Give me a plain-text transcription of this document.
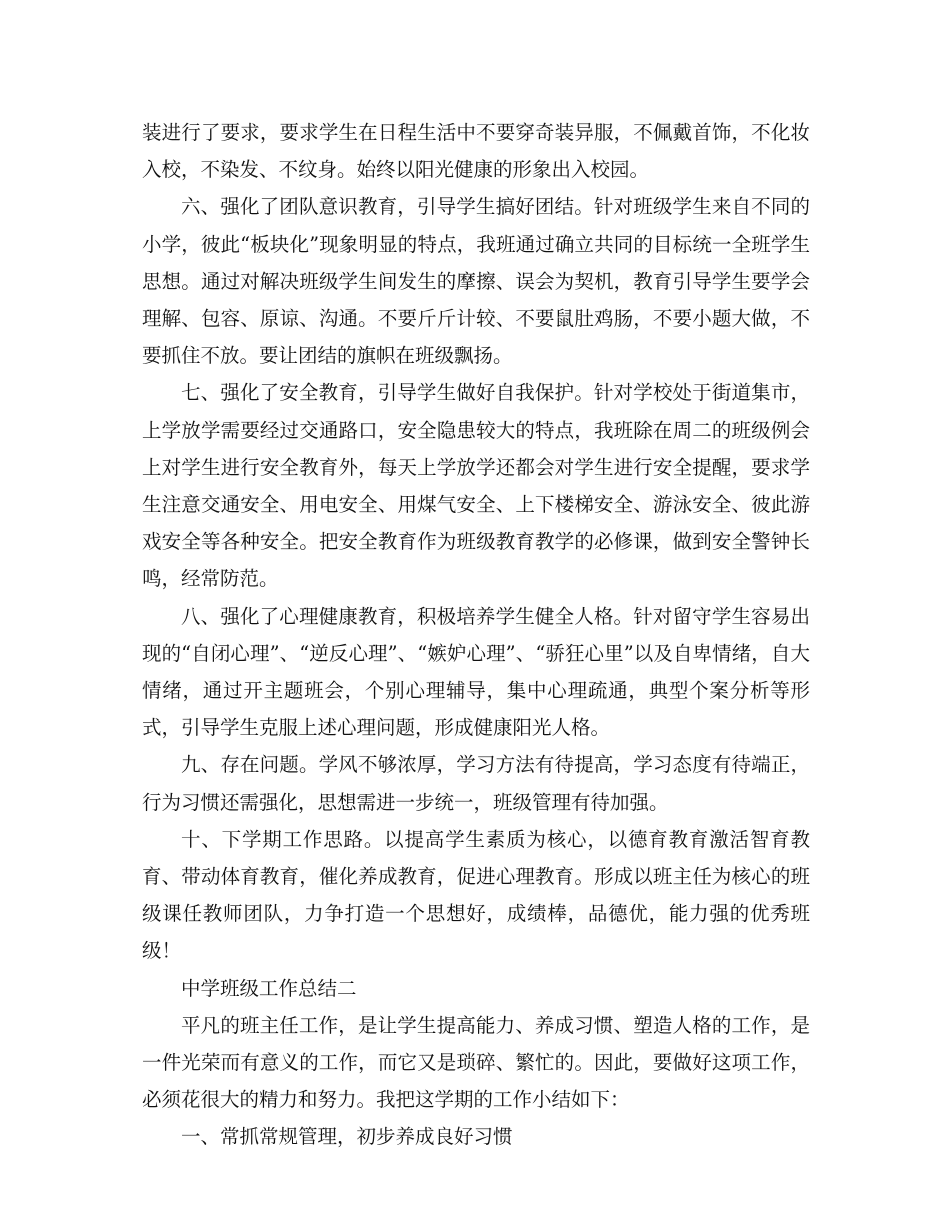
装进行了要求，要求学生在日程生活中不要穿奇装异服，不佩戴首饰，不化妆入校，不染发、不纹身。始终以阳光健康的形象出入校园。

六、强化了团队意识教育，引导学生搞好团结。针对班级学生来自不同的小学，彼此“板块化”现象明显的特点，我班通过确立共同的目标统一全班学生思想。通过对解决班级学生间发生的摩擦、误会为契机，教育引导学生要学会理解、包容、原谅、沟通。不要斤斤计较、不要鼠肚鸡肠，不要小题大做，不要抓住不放。要让团结的旗帜在班级飘扬。

七、强化了安全教育，引导学生做好自我保护。针对学校处于街道集市，上学放学需要经过交通路口，安全隐患较大的特点，我班除在周二的班级例会上对学生进行安全教育外，每天上学放学还都会对学生进行安全提醒，要求学生注意交通安全、用电安全、用煤气安全、上下楼梯安全、游泳安全、彼此游戏安全等各种安全。把安全教育作为班级教育教学的必修课，做到安全警钟长鸣，经常防范。

八、强化了心理健康教育，积极培养学生健全人格。针对留守学生容易出现的“自闭心理”、“逆反心理”、“嫉妒心理”、“骄狂心里”以及自卑情绪，自大情绪，通过开主题班会，个别心理辅导，集中心理疏通，典型个案分析等形式，引导学生克服上述心理问题，形成健康阳光人格。

九、存在问题。学风不够浓厚，学习方法有待提高，学习态度有待端正，行为习惯还需强化，思想需进一步统一，班级管理有待加强。

十、下学期工作思路。以提高学生素质为核心，以德育教育激活智育教育、带动体育教育，催化养成教育，促进心理教育。形成以班主任为核心的班级课任教师团队，力争打造一个思想好，成绩棒，品德优，能力强的优秀班级！

中学班级工作总结二

平凡的班主任工作，是让学生提高能力、养成习惯、塑造人格的工作，是一件光荣而有意义的工作，而它又是琐碎、繁忙的。因此，要做好这项工作，必须花很大的精力和努力。我把这学期的工作小结如下：

一、常抓常规管理，初步养成良好习惯
